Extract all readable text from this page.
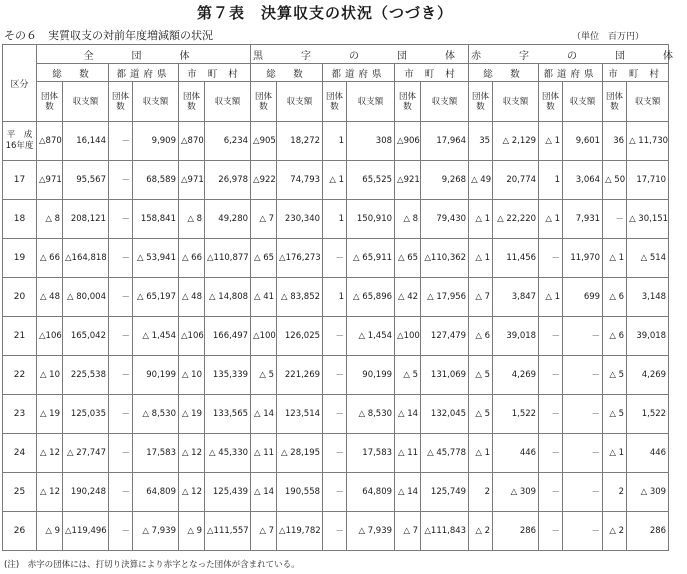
第７表　決算収支の状況（つづき）
その６　実質収支の対前年度増減額の状況	（単位　百万円）
区分	全　団　体						黒　字　の　団　体						赤　字　の　団　体					
	総　数		都道府県		市 町 村		総　数		都道府県		市 町 村		総　数		都道府県		市 町 村	
	団体数	収支額	団体数	収支額	団体数	収支額	団体数	収支額	団体数	収支額	団体数	収支額	団体数	収支額	団体数	収支額	団体数	収支額
平　成16年度	△870	16,144	－	9,909	△870	6,234	△905	18,272	1	308	△906	17,964	35	△ 2,129	△ 1	9,601	36	△ 11,730
17	△971	95,567	－	68,589	△971	26,978	△922	74,793	△ 1	65,525	△921	9,268	△ 49	20,774	1	3,064	△ 50	17,710
18	△ 8	208,121	－	158,841	△ 8	49,280	△ 7	230,340	1	150,910	△ 8	79,430	△ 1	△ 22,220	△ 1	7,931	－	△ 30,151
19	△ 66	△164,818	－	△ 53,941	△ 66	△110,877	△ 65	△176,273	－	△ 65,911	△ 65	△110,362	△ 1	11,456	－	11,970	△ 1	△ 514
20	△ 48	△ 80,004	－	△ 65,197	△ 48	△ 14,808	△ 41	△ 83,852	1	△ 65,896	△ 42	△ 17,956	△ 7	3,847	△ 1	699	△ 6	3,148
21	△106	165,042	－	△ 1,454	△106	166,497	△100	126,025	－	△ 1,454	△100	127,479	△ 6	39,018	－	－	△ 6	39,018
22	△ 10	225,538	－	90,199	△ 10	135,339	△ 5	221,269	－	90,199	△ 5	131,069	△ 5	4,269	－	－	△ 5	4,269
23	△ 19	125,035	－	△ 8,530	△ 19	133,565	△ 14	123,514	－	△ 8,530	△ 14	132,045	△ 5	1,522	－	－	△ 5	1,522
24	△ 12	△ 27,747	－	17,583	△ 12	△ 45,330	△ 11	△ 28,195	－	17,583	△ 11	△ 45,778	△ 1	446	－	－	△ 1	446
25	△ 12	190,248	－	64,809	△ 12	125,439	△ 14	190,558	－	64,809	△ 14	125,749	2	△ 309	－	－	2	△ 309
26	△ 9	△119,496	－	△ 7,939	△ 9	△111,557	△ 7	△119,782	－	△ 7,939	△ 7	△111,843	△ 2	286	－	－	△ 2	286
(注)　赤字の団体には、打切り決算により赤字となった団体が含まれている。
